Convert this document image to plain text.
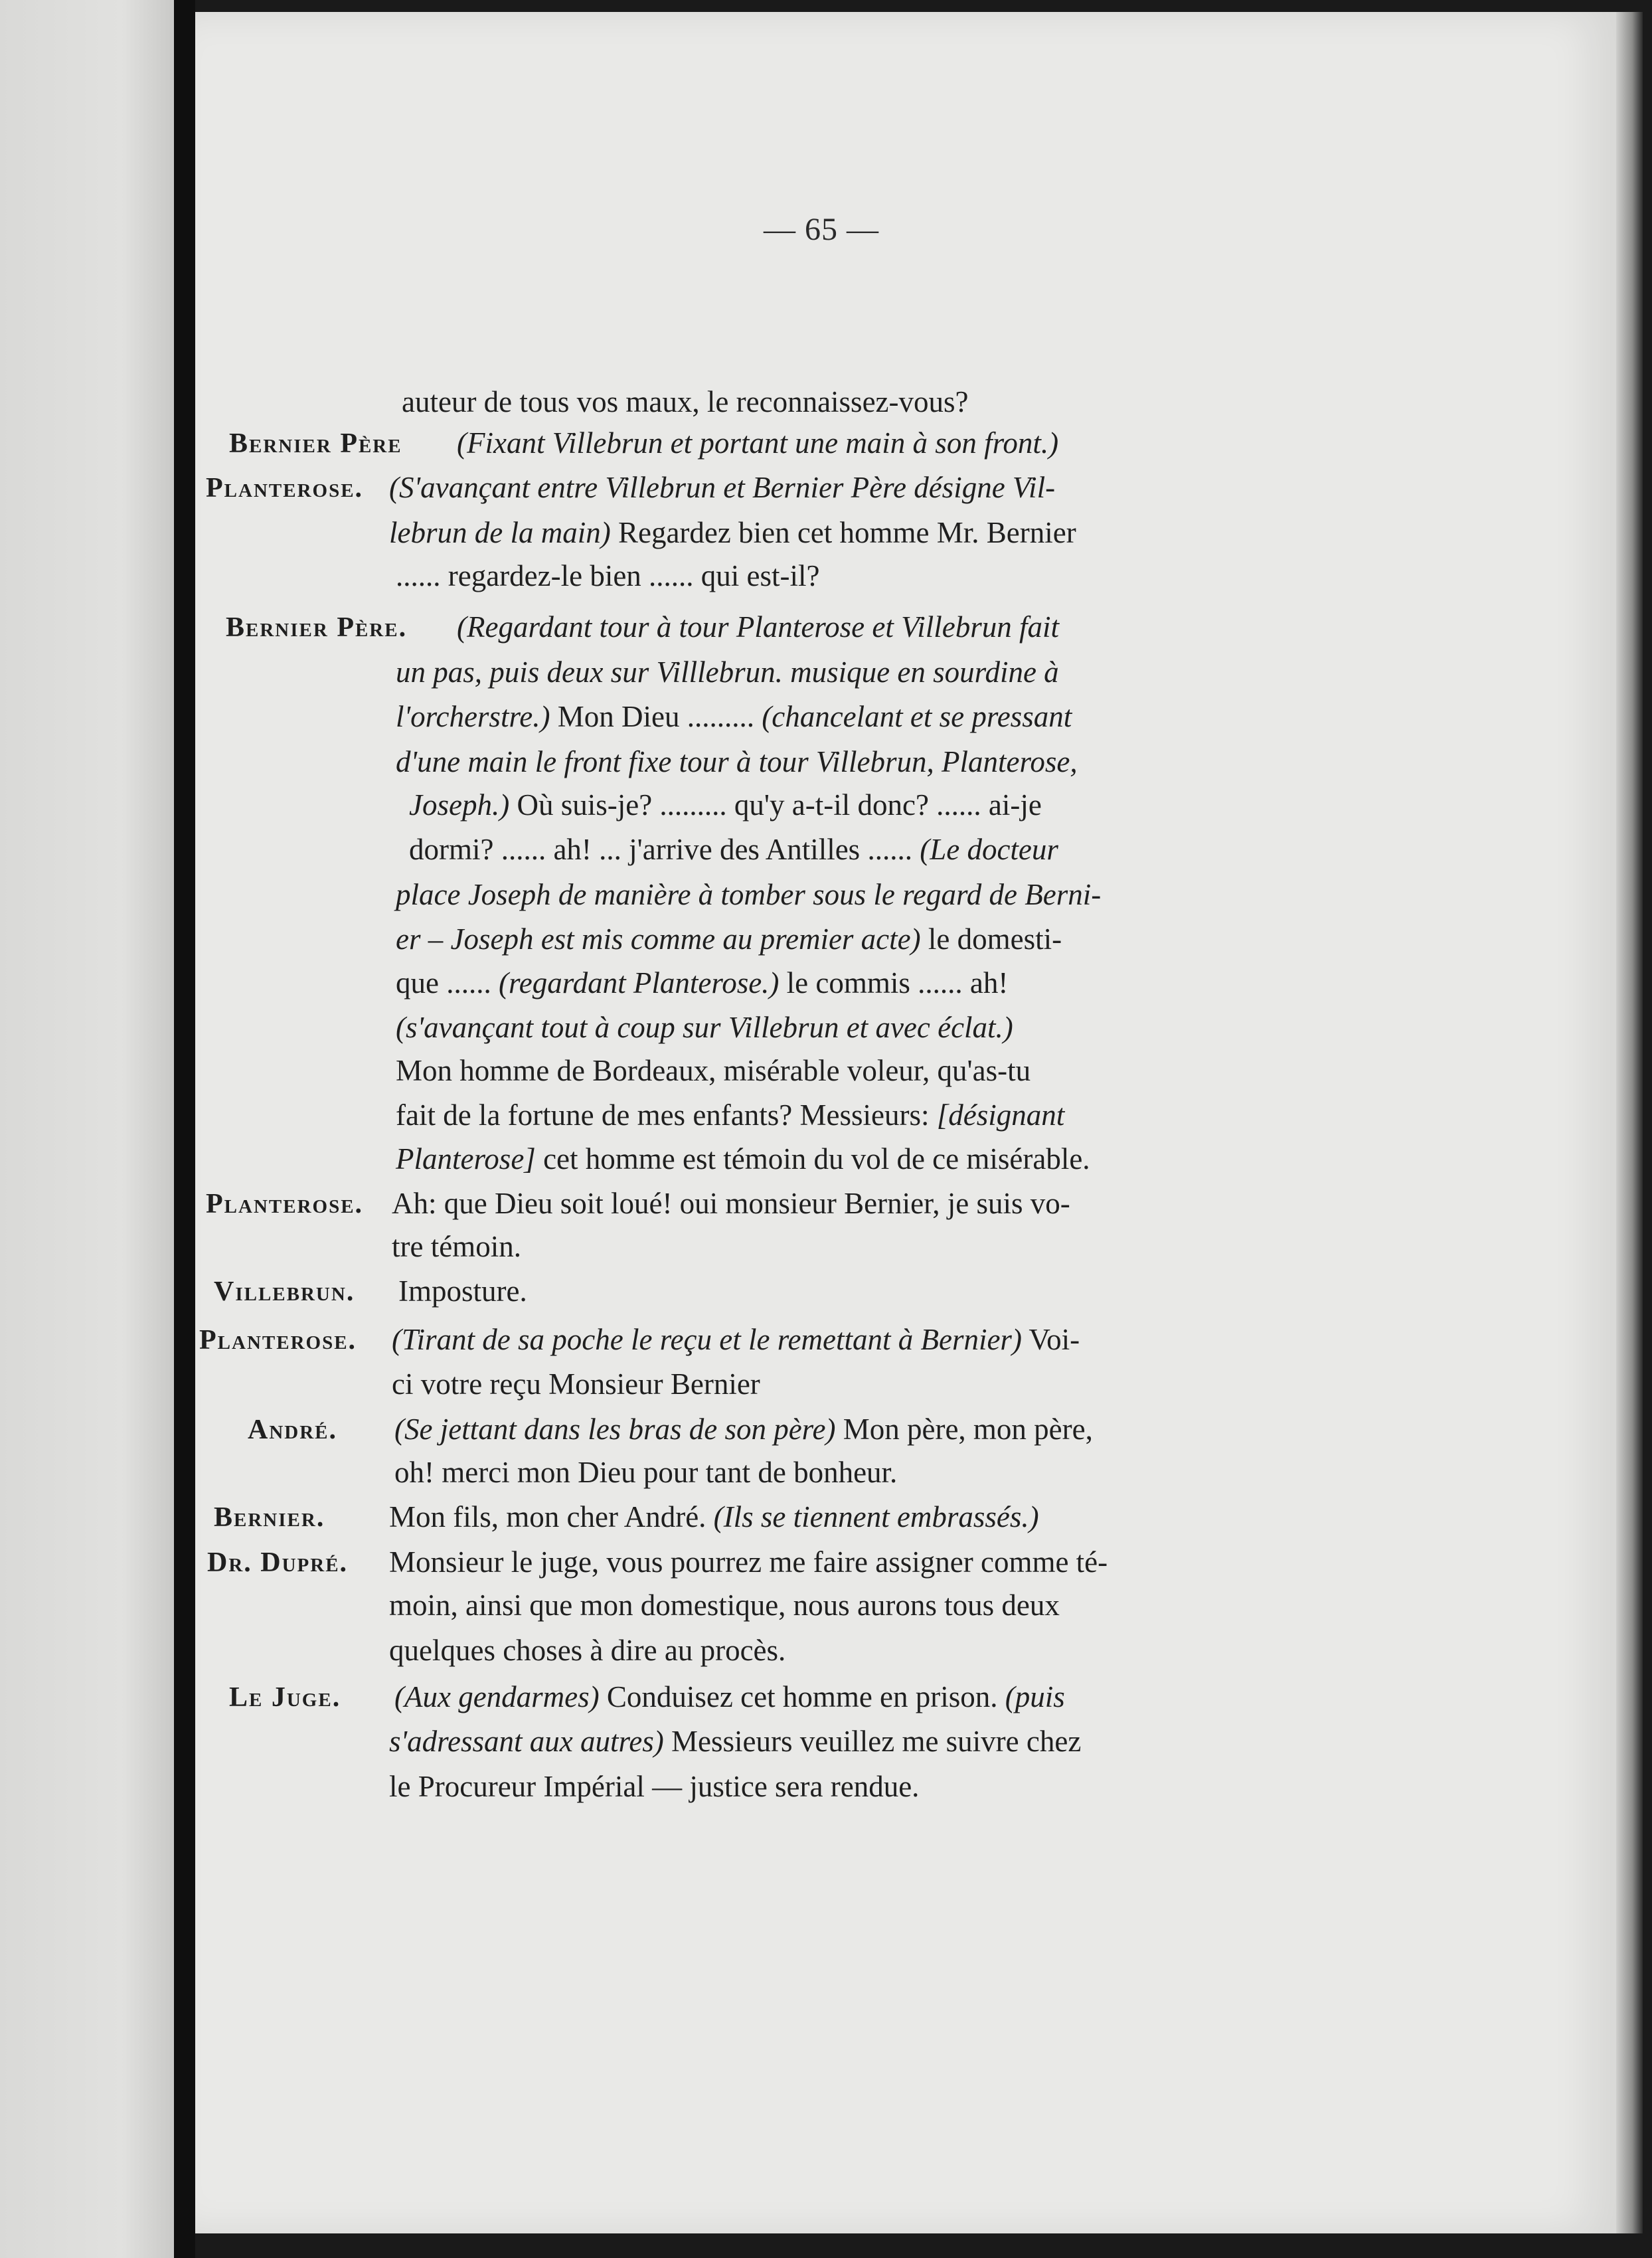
— 65 —
auteur de tous vos maux, le reconnaissez-vous?
Bernier Père (Fixant Villebrun et portant une main à son front.)
Planterose. (S'avançant entre Villebrun et Bernier Père désigne Vil-
lebrun de la main) Regardez bien cet homme Mr. Bernier
...... regardez-le bien ...... qui est-il?
Bernier Père. (Regardant tour à tour Planterose et Villebrun fait
un pas, puis deux sur Villlebrun. musique en sourdine à
l'orcherstre.) Mon Dieu ......... (chancelant et se pressant
d'une main le front fixe tour à tour Villebrun, Planterose,
Joseph.) Où suis-je? ......... qu'y a-t-il donc? ...... ai-je
dormi? ...... ah! ... j'arrive des Antilles ...... (Le docteur
place Joseph de manière à tomber sous le regard de Berni-
er – Joseph est mis comme au premier acte) le domesti-
que ...... (regardant Planterose.) le commis ...... ah!
(s'avançant tout à coup sur Villebrun et avec éclat.)
Mon homme de Bordeaux, misérable voleur, qu'as-tu
fait de la fortune de mes enfants? Messieurs: [désignant
Planterose] cet homme est témoin du vol de ce misérable.
Planterose. Ah: que Dieu soit loué! oui monsieur Bernier, je suis vo-
tre témoin.
Villebrun. Imposture.
Planterose. (Tirant de sa poche le reçu et le remettant à Bernier) Voi-
ci votre reçu Monsieur Bernier
André. (Se jettant dans les bras de son père) Mon père, mon père,
oh! merci mon Dieu pour tant de bonheur.
Bernier. Mon fils, mon cher André. (Ils se tiennent embrassés.)
Dr. Dupré. Monsieur le juge, vous pourrez me faire assigner comme té-
moin, ainsi que mon domestique, nous aurons tous deux
quelques choses à dire au procès.
Le Juge. (Aux gendarmes) Conduisez cet homme en prison. (puis
s'adressant aux autres) Messieurs veuillez me suivre chez
le Procureur Impérial — justice sera rendue.
